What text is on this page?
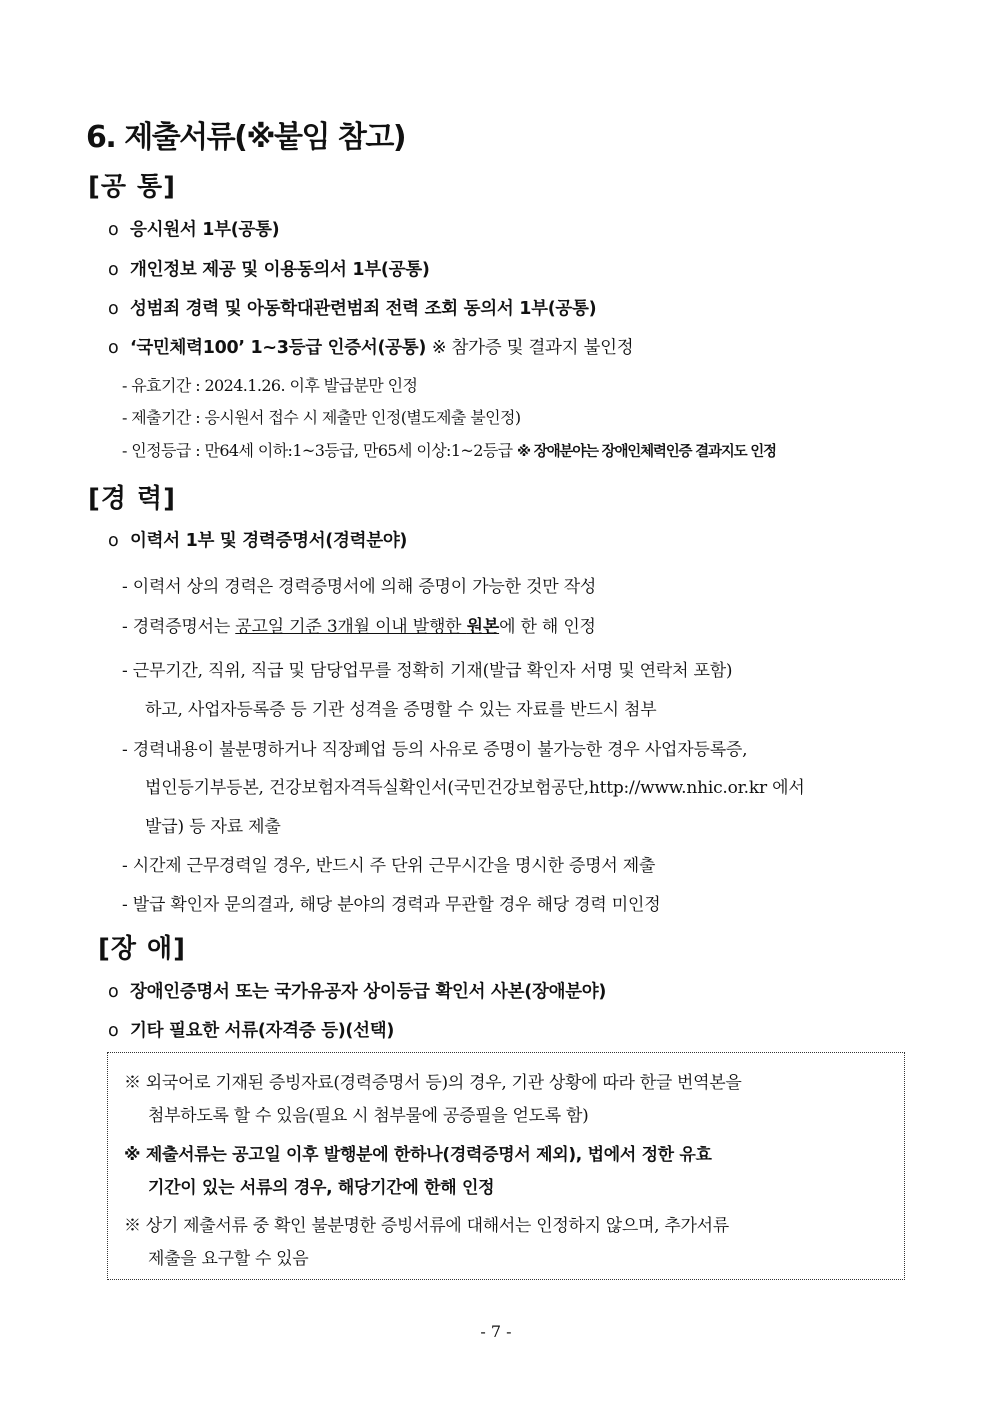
6. 제출서류(※붙임 참고)
[공 통]
o 응시원서 1부(공통)
o 개인정보 제공 및 이용동의서 1부(공통)
o 성범죄 경력 및 아동학대관련범죄 전력 조회 동의서 1부(공통)
o ‘국민체력100’ 1~3등급 인증서(공통) ※ 참가증 및 결과지 불인정
- 유효기간 : 2024.1.26. 이후 발급분만 인정
- 제출기간 : 응시원서 접수 시 제출만 인정(별도제출 불인정)
- 인정등급 : 만64세 이하:1~3등급, 만65세 이상:1~2등급 ※ 장애분야는 장애인체력인증 결과지도 인정
[경 력]
o 이력서 1부 및 경력증명서(경력분야)
- 이력서 상의 경력은 경력증명서에 의해 증명이 가능한 것만 작성
- 경력증명서는 공고일 기준 3개월 이내 발행한 원본에 한 해 인정
- 근무기간, 직위, 직급 및 담당업무를 정확히 기재(발급 확인자 서명 및 연락처 포함)
하고, 사업자등록증 등 기관 성격을 증명할 수 있는 자료를 반드시 첨부
- 경력내용이 불분명하거나 직장폐업 등의 사유로 증명이 불가능한 경우 사업자등록증,
법인등기부등본, 건강보험자격득실확인서(국민건강보험공단,http://www.nhic.or.kr 에서
발급) 등 자료 제출
- 시간제 근무경력일 경우, 반드시 주 단위 근무시간을 명시한 증명서 제출
- 발급 확인자 문의결과, 해당 분야의 경력과 무관할 경우 해당 경력 미인정
[장 애]
o 장애인증명서 또는 국가유공자 상이등급 확인서 사본(장애분야)
o 기타 필요한 서류(자격증 등)(선택)
※ 외국어로 기재된 증빙자료(경력증명서 등)의 경우, 기관 상황에 따라 한글 번역본을
첨부하도록 할 수 있음(필요 시 첨부물에 공증필을 얻도록 함)
※ 제출서류는 공고일 이후 발행분에 한하나(경력증명서 제외), 법에서 정한 유효
기간이 있는 서류의 경우, 해당기간에 한해 인정
※ 상기 제출서류 중 확인 불분명한 증빙서류에 대해서는 인정하지 않으며, 추가서류
제출을 요구할 수 있음
- 7 -
